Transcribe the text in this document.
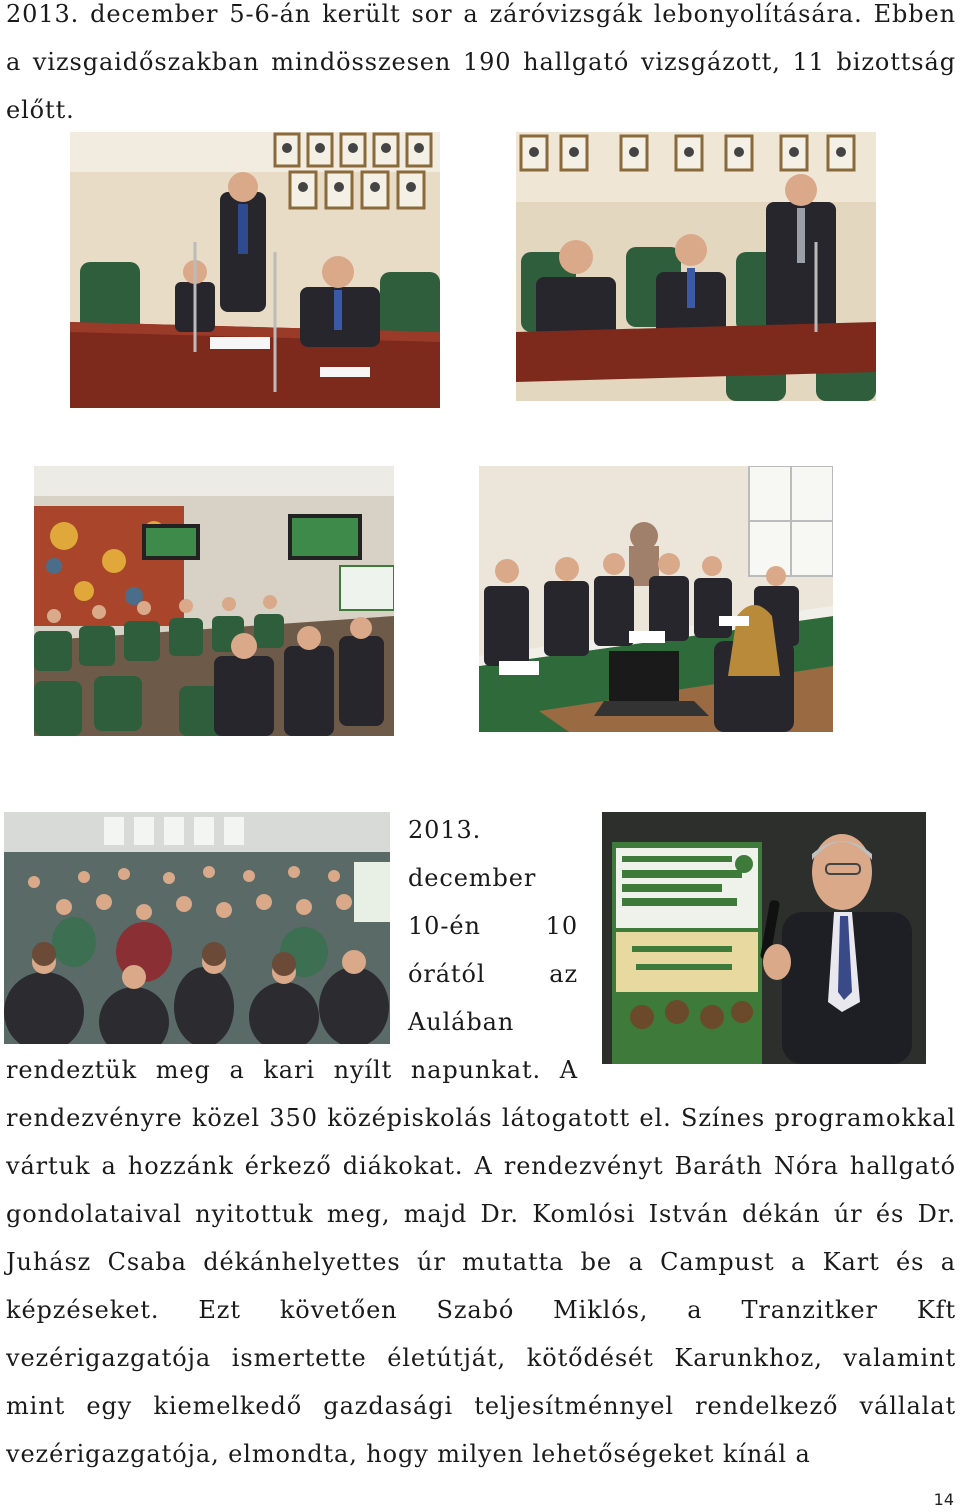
2013. december 5-6-án került sor a záróvizsgák lebonyolítására. Ebben a vizsgaidőszakban mindösszesen 190 hallgató vizsgázott, 11 bizottság előtt.

2013. december 10-én 10 órától az Aulában rendeztük meg a kari nyílt napunkat. A rendezvényre közel 350 középiskolás látogatott el. Színes programokkal vártuk a hozzánk érkező diákokat. A rendezvényt Baráth Nóra hallgató gondolataival nyitottuk meg, majd Dr. Komlósi István dékán úr és Dr. Juhász Csaba dékánhelyettes úr mutatta be a Campust a Kart és a képzéseket. Ezt követően Szabó Miklós, a Tranzitker Kft vezérigazgatója ismertette életútját, kötődését Karunkhoz, valamint mint egy kiemelkedő gazdasági teljesítménnyel rendelkező vállalat vezérigazgatója, elmondta, hogy milyen lehetőségeket kínál a

14
